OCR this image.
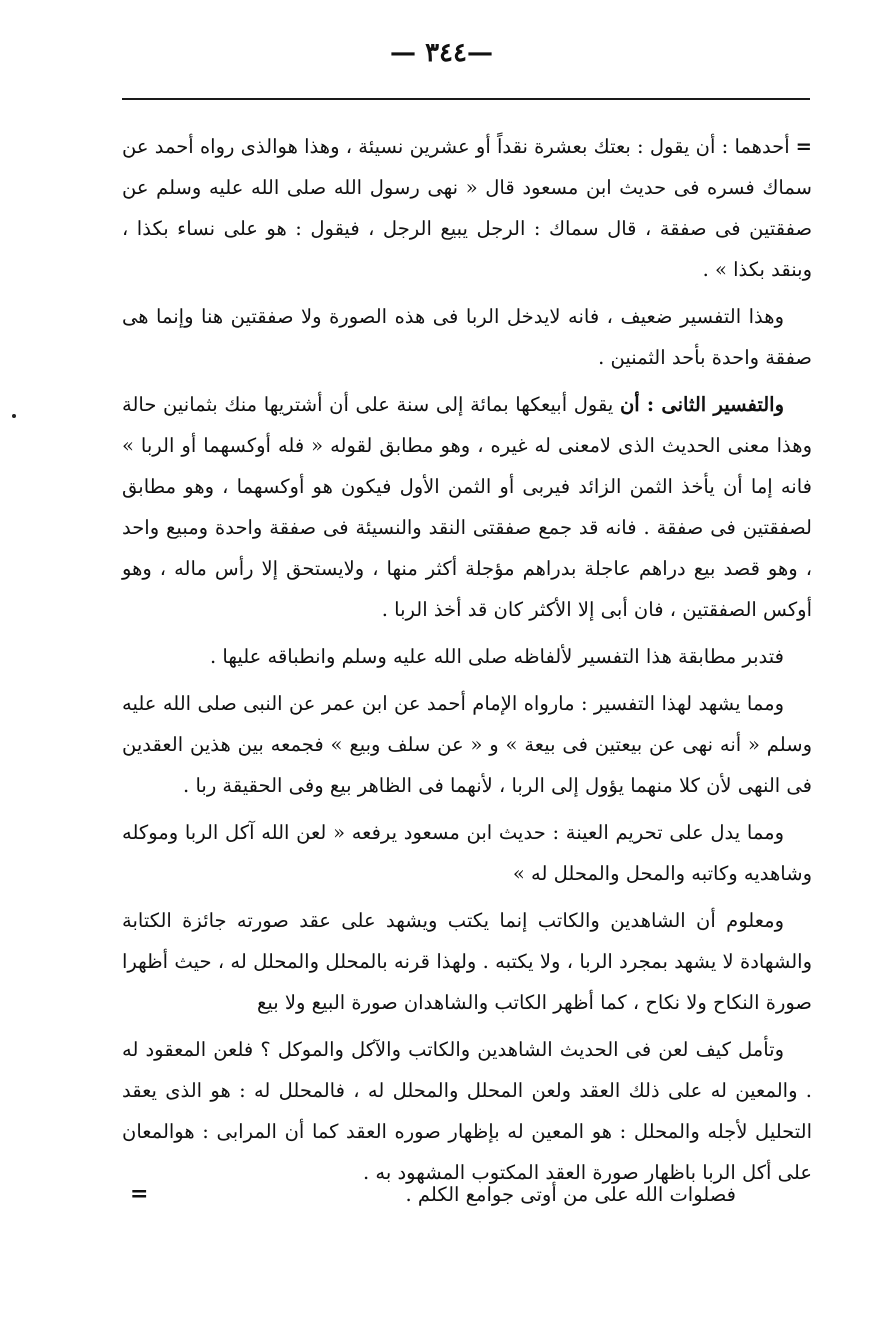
—٣٤٤ —

=أحدهما : أن يقول : بعتك بعشرة نقداً أو عشرين نسيئة ، وهذا هوالذى رواه أحمد عن سماك فسره فى حديث ابن مسعود قال « نهى رسول الله صلى الله عليه وسلم عن صفقتين فى صفقة ، قال سماك : الرجل يبيع الرجل ، فيقول : هو على نساء بكذا ، وبنقد بكذا » .

وهذا التفسير ضعيف ، فانه لايدخل الربا فى هذه الصورة ولا صفقتين هنا وإنما هى صفقة واحدة بأحد الثمنين .

والتفسير الثانى : أن يقول أبيعكها بمائة إلى سنة على أن أشتريها منك بثمانين حالة وهذا معنى الحديث الذى لامعنى له غيره ، وهو مطابق لقوله « فله أوكسهما أو الربا » فانه إما أن يأخذ الثمن الزائد فيربى أو الثمن الأول فيكون هو أوكسهما ، وهو مطابق لصفقتين فى صفقة . فانه قد جمع صفقتى النقد والنسيئة فى صفقة واحدة ومبيع واحد ، وهو قصد بيع دراهم عاجلة بدراهم مؤجلة أكثر منها ، ولايستحق إلا رأس ماله ، وهو أوكس الصفقتين ، فان أبى إلا الأكثر كان قد أخذ الربا .

فتدبر مطابقة هذا التفسير لألفاظه صلى الله عليه وسلم وانطباقه عليها .

ومما يشهد لهذا التفسير : مارواه الإمام أحمد عن ابن عمر عن النبى صلى الله عليه وسلم « أنه نهى عن بيعتين فى بيعة » و « عن سلف وبيع » فجمعه بين هذين العقدين فى النهى لأن كلا منهما يؤول إلى الربا ، لأنهما فى الظاهر بيع وفى الحقيقة ربا .

ومما يدل على تحريم العينة : حديث ابن مسعود يرفعه « لعن الله آكل الربا وموكله وشاهديه وكاتبه والمحل والمحلل له »

ومعلوم أن الشاهدين والكاتب إنما يكتب ويشهد على عقد صورته جائزة الكتابة والشهادة لا يشهد بمجرد الربا ، ولا يكتبه . ولهذا قرنه بالمحلل والمحلل له ، حيث أظهرا صورة النكاح ولا نكاح ، كما أظهر الكاتب والشاهدان صورة البيع ولا بيع

وتأمل كيف لعن فى الحديث الشاهدين والكاتب والآكل والموكل ؟ فلعن المعقود له . والمعين له على ذلك العقد ولعن المحلل والمحلل له ، فالمحلل له : هو الذى يعقد التحليل لأجله والمحلل : هو المعين له بإظهار صوره العقد كما أن المرابى : هوالمعان على أكل الربا باظهار صورة العقد المكتوب المشهود به .

فصلوات الله على من أوتى جوامع الكلم .
=
